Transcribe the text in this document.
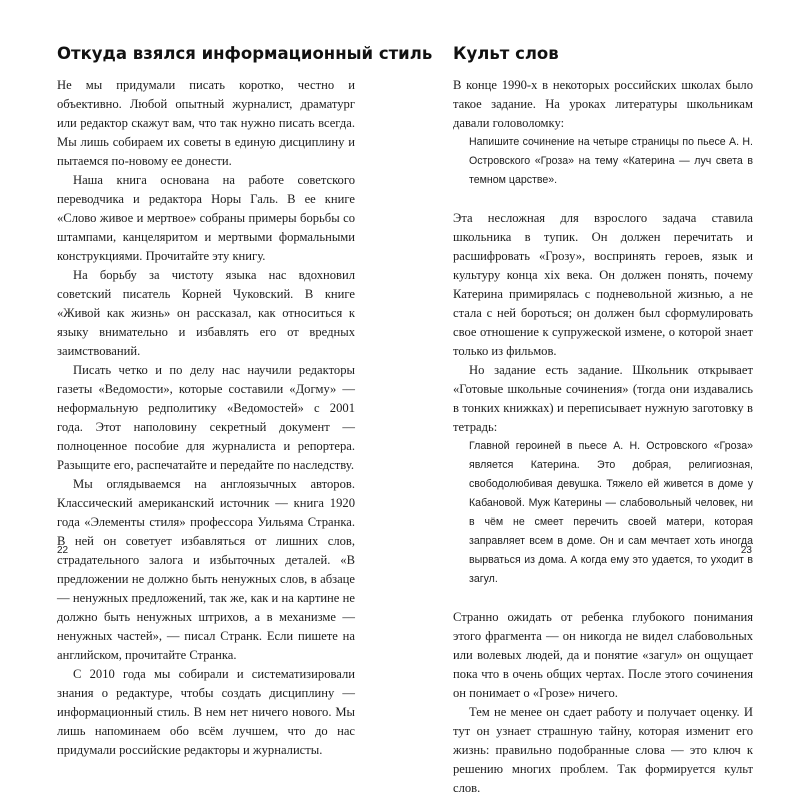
Откуда взялся информационный стиль

Не мы придумали писать коротко, честно и объективно. Любой опытный журналист, драматург или редактор скажут вам, что так нужно писать всегда. Мы лишь собираем их советы в единую дисциплину и пытаемся по-новому ее донести.

Наша книга основана на работе советского переводчика и редактора Норы Галь. В ее книге «Слово живое и мертвое» собраны примеры борьбы со штампами, канцеляритом и мертвыми формальными конструкциями. Прочитайте эту книгу.

На борьбу за чистоту языка нас вдохновил советский писатель Корней Чуковский. В книге «Живой как жизнь» он рассказал, как относиться к языку внимательно и избавлять его от вредных заимствований.

Писать четко и по делу нас научили редакторы газеты «Ведомости», которые составили «Догму» — неформальную редполитику «Ведомостей» с 2001 года. Этот наполовину секретный документ — полноценное пособие для журналиста и репортера. Разыщите его, распечатайте и передайте по наследству.

Мы оглядываемся на англоязычных авторов. Классический американский источник — книга 1920 года «Элементы стиля» профессора Уильяма Странка. В ней он советует избавляться от лишних слов, страдательного залога и избыточных деталей. «В предложении не должно быть ненужных слов, в абзаце — ненужных предложений, так же, как и на картине не должно быть ненужных штрихов, а в механизме — ненужных частей», — писал Странк. Если пишете на английском, прочитайте Странка.

С 2010 года мы собирали и систематизировали знания о редактуре, чтобы создать дисциплину — информационный стиль. В нем нет ничего нового. Мы лишь напоминаем обо всём лучшем, что до нас придумали российские редакторы и журналисты.

22

Культ слов

В конце 1990-х в некоторых российских школах было такое задание. На уроках литературы школьникам давали головоломку:

Напишите сочинение на четыре страницы по пьесе А. Н. Островского «Гроза» на тему «Катерина — луч света в темном царстве».

Эта несложная для взрослого задача ставила школьника в тупик. Он должен перечитать и расшифровать «Грозу», воспринять героев, язык и культуру конца xix века. Он должен понять, почему Катерина примирялась с подневольной жизнью, а не стала с ней бороться; он должен был сформулировать свое отношение к супружеской измене, о которой знает только из фильмов.

Но задание есть задание. Школьник открывает «Готовые школьные сочинения» (тогда они издавались в тонких книжках) и переписывает нужную заготовку в тетрадь:

Главной героиней в пьесе А. Н. Островского «Гроза» является Катерина. Это добрая, религиозная, свободолюбивая девушка. Тяжело ей живется в доме у Кабановой. Муж Катерины — слабовольный человек, ни в чём не смеет перечить своей матери, которая заправляет всем в доме. Он и сам мечтает хоть иногда вырваться из дома. А когда ему это удается, то уходит в загул.

Странно ожидать от ребенка глубокого понимания этого фрагмента — он никогда не видел слабовольных или волевых людей, да и понятие «загул» он ощущает пока что в очень общих чертах. После этого сочинения он понимает о «Грозе» ничего.

Тем не менее он сдает работу и получает оценку. И тут он узнает страшную тайну, которая изменит его жизнь: правильно подобранные слова — это ключ к решению многих проблем. Так формируется культ слов.

23
